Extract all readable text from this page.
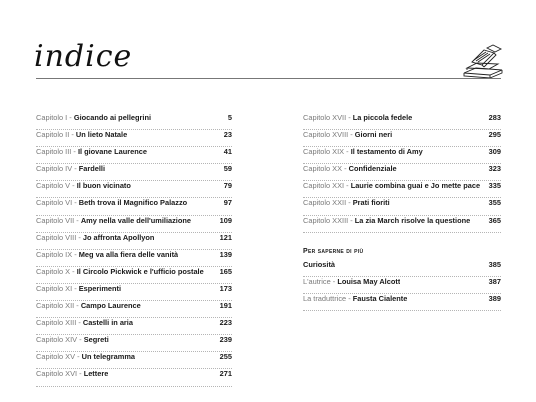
indice
Capitolo I - Giocando ai pellegrini	5
Capitolo II - Un lieto Natale	23
Capitolo III - Il giovane Laurence	41
Capitolo IV - Fardelli	59
Capitolo V - Il buon vicinato	79
Capitolo VI - Beth trova il Magnifico Palazzo	97
Capitolo VII - Amy nella valle dell'umiliazione	109
Capitolo VIII - Jo affronta Apollyon	121
Capitolo IX - Meg va alla fiera delle vanità	139
Capitolo X - Il Circolo Pickwick e l'ufficio postale 165
Capitolo XI - Esperimenti	173
Capitolo XII - Campo Laurence	191
Capitolo XIII - Castelli in aria	223
Capitolo XIV - Segreti	239
Capitolo XV - Un telegramma	255
Capitolo XVI - Lettere	271
Capitolo XVII - La piccola fedele	283
Capitolo XVIII - Giorni neri	295
Capitolo XIX - Il testamento di Amy	309
Capitolo XX - Confidenziale	323
Capitolo XXI - Laurie combina guai e Jo mette pace 335
Capitolo XXII - Prati fioriti	355
Capitolo XXIII - La zia March risolve la questione 365
Per saperne di più
Curiosità	385
L'autrice - Louisa May Alcott	387
La traduttrice - Fausta Cialente	389
